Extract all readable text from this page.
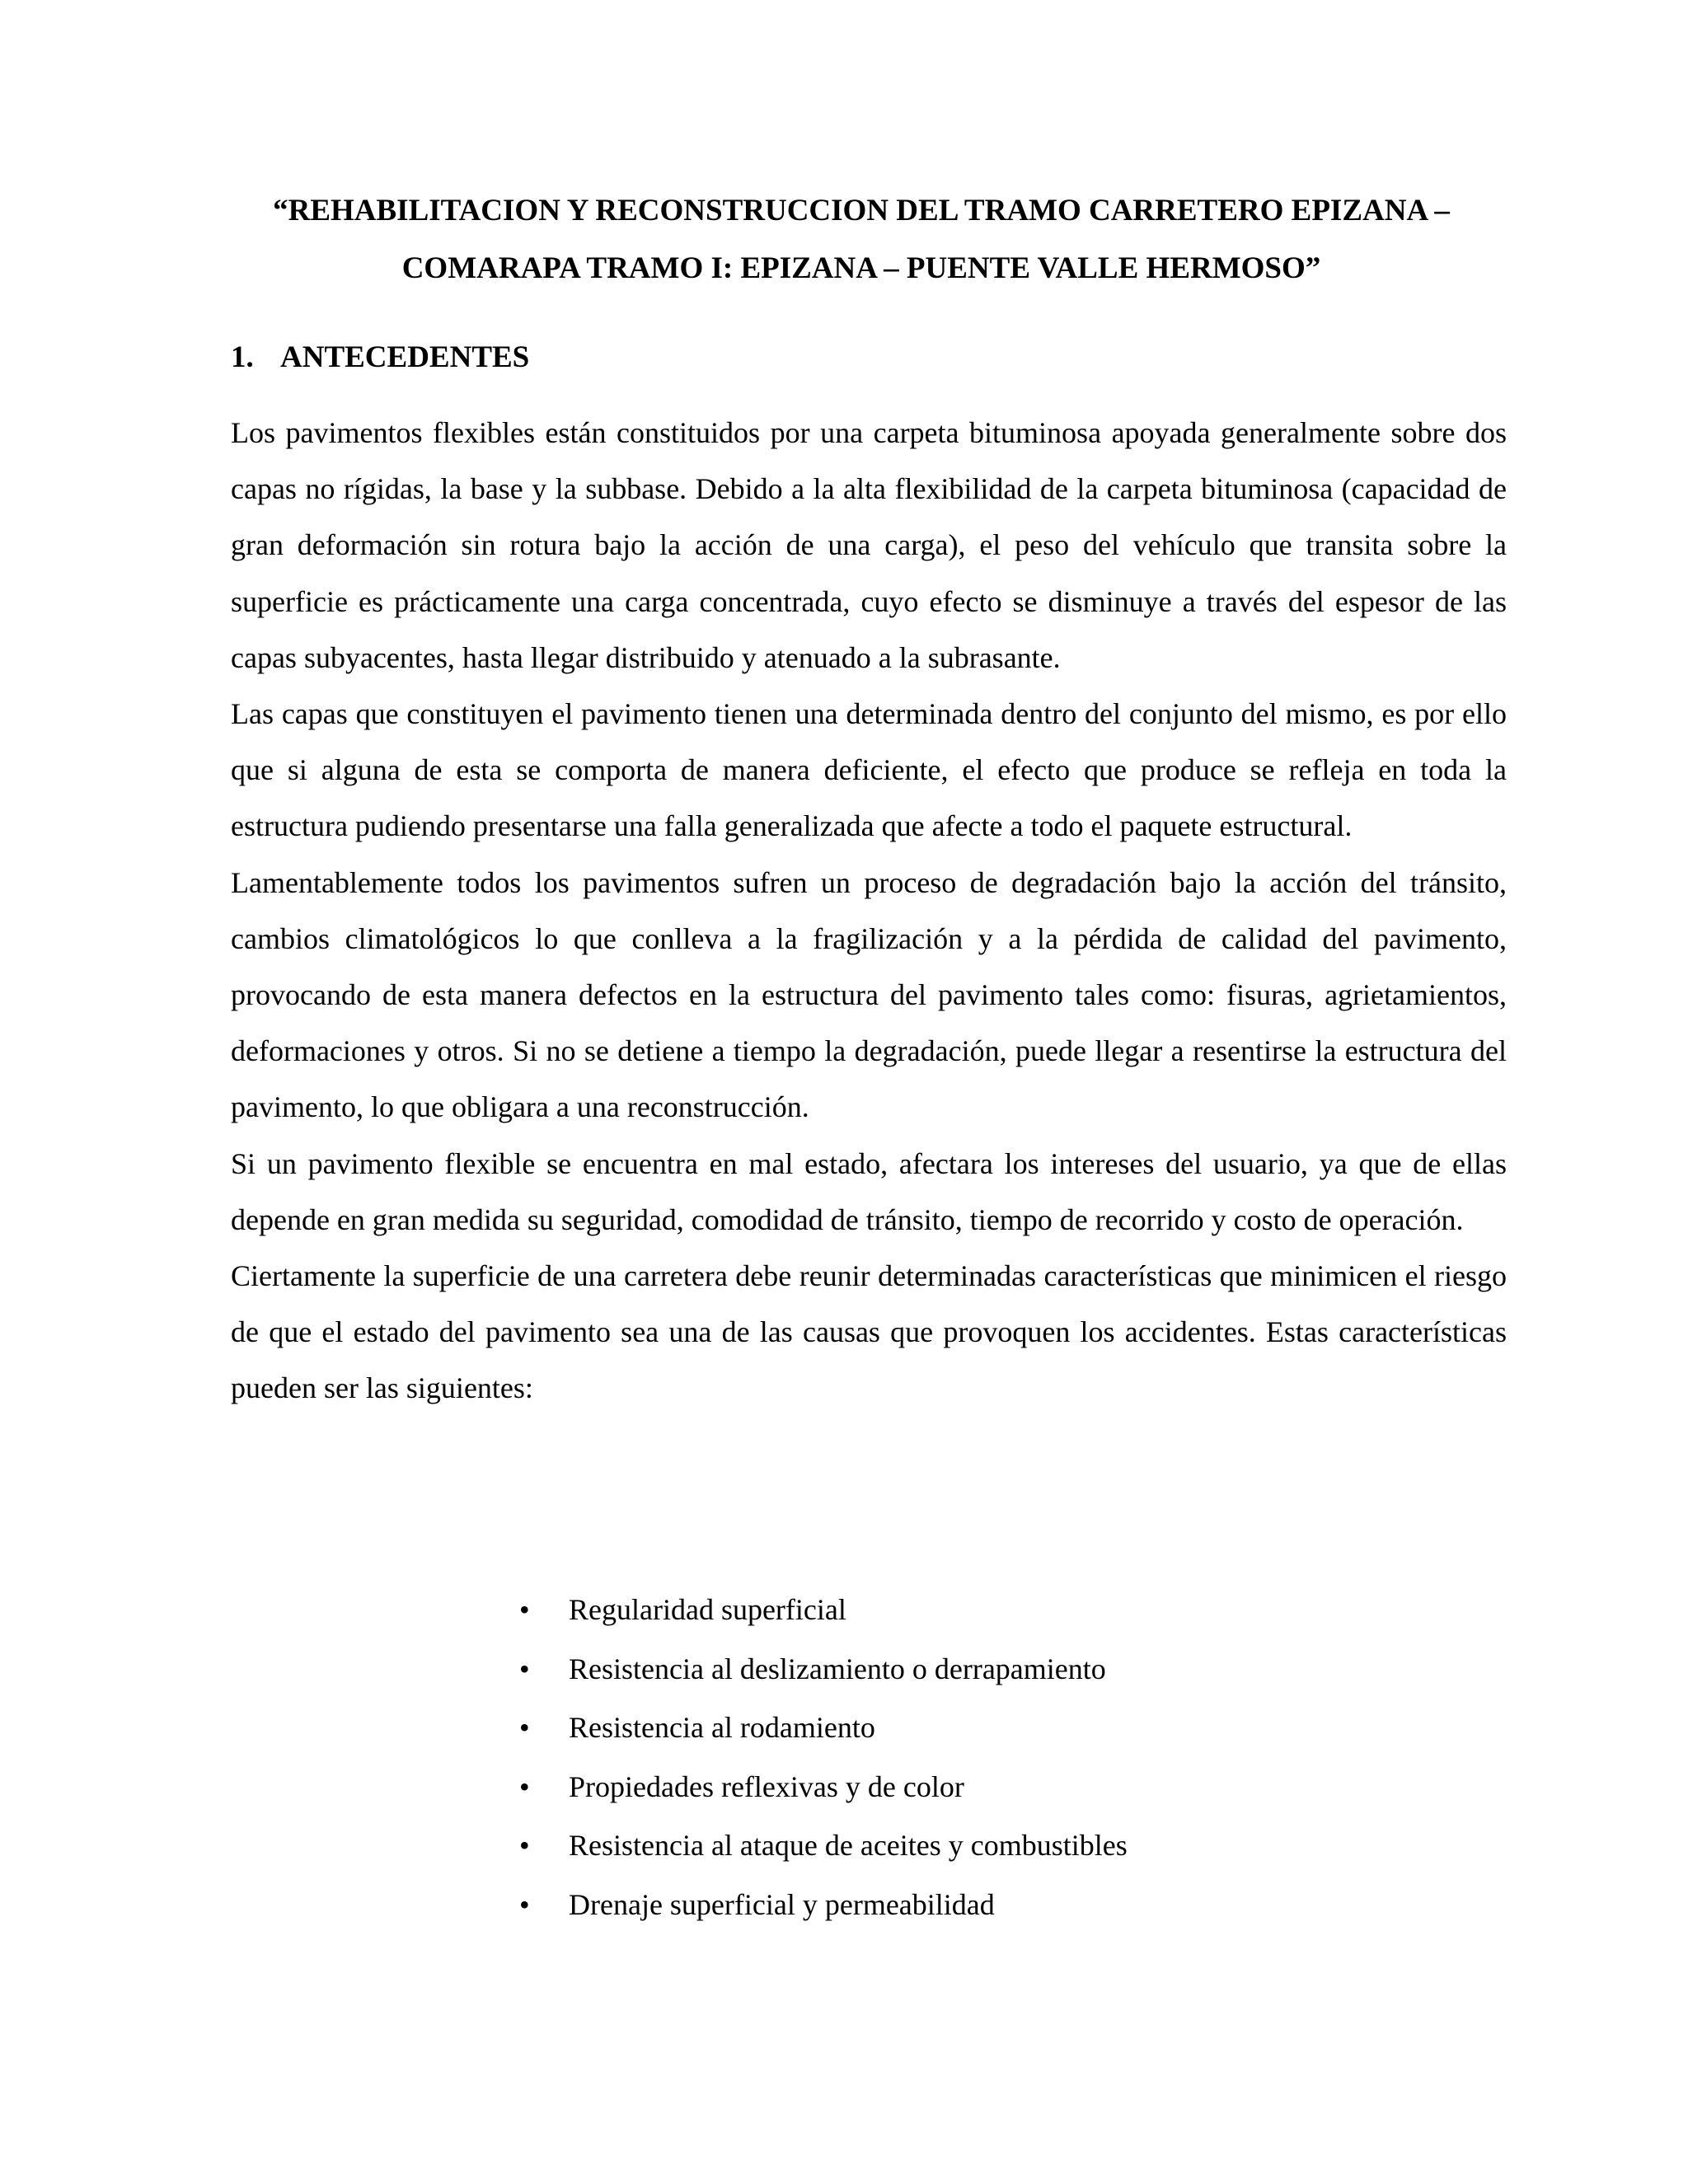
“REHABILITACION Y RECONSTRUCCION DEL TRAMO CARRETERO EPIZANA –
COMARAPA TRAMO I: EPIZANA – PUENTE VALLE HERMOSO”
1. ANTECEDENTES

Los pavimentos flexibles están constituidos por una carpeta bituminosa apoyada generalmente sobre dos capas no rígidas, la base y la subbase. Debido a la alta flexibilidad de la carpeta bituminosa (capacidad de gran deformación sin rotura bajo la acción de una carga), el peso del vehículo que transita sobre la superficie es prácticamente una carga concentrada, cuyo efecto se disminuye a través del espesor de las capas subyacentes, hasta llegar distribuido y atenuado a la subrasante.

Las capas que constituyen el pavimento tienen una determinada dentro del conjunto del mismo, es por ello que si alguna de esta se comporta de manera deficiente, el efecto que produce se refleja en toda la estructura pudiendo presentarse una falla generalizada que afecte a todo el paquete estructural.

Lamentablemente todos los pavimentos sufren un proceso de degradación bajo la acción del tránsito, cambios climatológicos lo que conlleva a la fragilización y a la pérdida de calidad del pavimento, provocando de esta manera defectos en la estructura del pavimento tales como: fisuras, agrietamientos, deformaciones y otros. Si no se detiene a tiempo la degradación, puede llegar a resentirse la estructura del pavimento, lo que obligara a una reconstrucción.

Si un pavimento flexible se encuentra en mal estado, afectara los intereses del usuario, ya que de ellas depende en gran medida su seguridad, comodidad de tránsito, tiempo de recorrido y costo de operación.

Ciertamente la superficie de una carretera debe reunir determinadas características que minimicen el riesgo de que el estado del pavimento sea una de las causas que provoquen los accidentes. Estas características pueden ser las siguientes:

• Regularidad superficial
• Resistencia al deslizamiento o derrapamiento
• Resistencia al rodamiento
• Propiedades reflexivas y de color
• Resistencia al ataque de aceites y combustibles
• Drenaje superficial y permeabilidad
